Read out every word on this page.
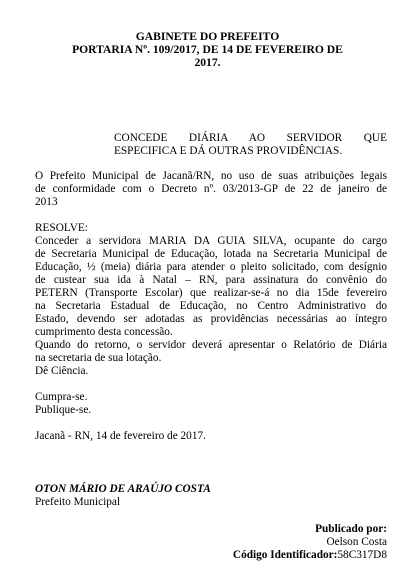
GABINETE DO PREFEITO
PORTARIA Nº. 109/2017, DE 14 DE FEVEREIRO DE
2017.
CONCEDE DIÁRIA AO SERVIDOR QUE
ESPECIFICA E DÁ OUTRAS PROVIDÊNCIAS.
O Prefeito Municipal de Jacanã/RN, no uso de suas atribuições legais
de conformidade com o Decreto nº. 03/2013-GP de 22 de janeiro de
2013
RESOLVE:
Conceder a servidora MARIA DA GUIA SILVA, ocupante do cargo
de Secretaria Municipal de Educação, lotada na Secretaria Municipal de
Educação, ½ (meia) diária para atender o pleito solicitado, com desígnio
de custear sua ida à Natal – RN, para assinatura do convênio do
PETERN (Transporte Escolar) que realizar-se-á no dia 15de fevereiro
na Secretaria Estadual de Educação, no Centro Administrativo do
Estado, devendo ser adotadas as providências necessárias ao íntegro
cumprimento desta concessão.
Quando do retorno, o servidor deverá apresentar o Relatório de Diária
na secretaria de sua lotação.
Dê Ciência.
Cumpra-se.
Publique-se.
Jacanã - RN, 14 de fevereiro de 2017.
OTON MÁRIO DE ARAÚJO COSTA
Prefeito Municipal
Publicado por:
Oelson Costa
Código Identificador:58C317D8
